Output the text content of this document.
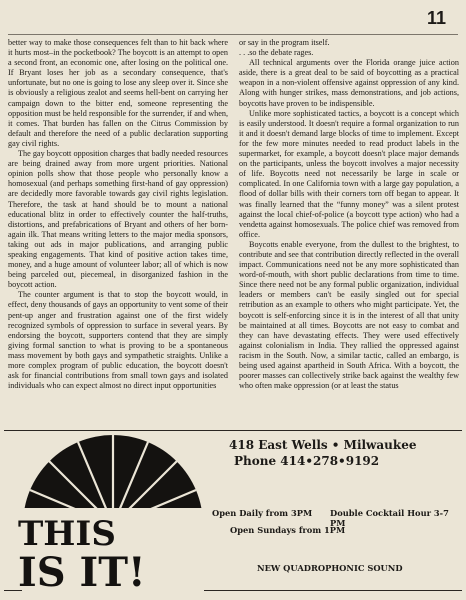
11

better way to make those consequences felt than to hit back where it hurts most–in the pocketbook? The boycott is an attempt to open a second front, an economic one, after losing on the political one. If Bryant loses her job as a secondary consequence, that's unfortunate, but no one is going to lose any sleep over it. Since she is obviously a religious zealot and seems hell-bent on carrying her campaign down to the bitter end, someone representing the opposition must be held responsible for the surrender, if and when, it comes. That burden has fallen on the Citrus Commission by default and therefore the need of a public declaration supporting gay civil rights.

The gay boycott opposition charges that badly needed resources are being drained away from more urgent priorities. National opinion polls show that those people who personally know a homosexual (and perhaps something first-hand of gay oppression) are decidedly more favorable towards gay civil rights legislation. Therefore, the task at hand should be to mount a national educational blitz in order to effectively counter the half-truths, distortions, and prefabrications of Bryant and others of her born-again ilk. That means writing letters to the major media sponsors, taking out ads in major publications, and arranging public speaking engagements. That kind of positive action takes time, money, and a huge amount of volunteer labor; all of which is now being parceled out, piecemeal, in disorganized fashion in the boycott action.

The counter argument is that to stop the boycott would, in effect, deny thousands of gays an opportunity to vent some of their pent-up anger and frustration against one of the first widely recognized symbols of oppression to surface in several years. By endorsing the boycott, supporters contend that they are simply giving formal sanction to what is proving to be a spontaneous mass movement by both gays and sympathetic straights. Unlike a more complex program of public education, the boycott doesn't ask for financial contributions from small town gays and isolated individuals who can expect almost no direct input opportunities

or say in the program itself.

. . .so the debate rages.

All technical arguments over the Florida orange juice action aside, there is a great deal to be said of boycotting as a practical weapon in a non-violent offensive against oppression of any kind. Along with hunger strikes, mass demonstrations, and job actions, boycotts have proven to be indispensible.

Unlike more sophisticated tactics, a boycott is a concept which is easily understood. It doesn't require a formal organization to run it and it doesn't demand large blocks of time to implement. Except for the few more minutes needed to read product labels in the supermarket, for example, a boycott doesn't place major demands on the participants, unless the boycott involves a major necessity of life. Boycotts need not necessarily be large in scale or complicated. In one California town with a large gay population, a flood of dollar bills with their corners torn off began to appear. It was finally learned that the “funny money” was a silent protest against the local chief-of-police (a boycott type action) who had a vendetta against homosexuals. The police chief was removed from office.

Boycotts enable everyone, from the dullest to the brightest, to contribute and see that contribution directly reflected in the overall impact. Communications need not be any more sophisticated than word-of-mouth, with short public declarations from time to time. Since there need not be any formal public organization, individual leaders or members can't be easily singled out for special retribution as an example to others who might participate. Yet, the boycott is self-enforcing since it is in the interest of all that unity be maintained at all times. Boycotts are not easy to combat and they can have devastating effects. They were used effectively against colonialism in India. They rallied the oppressed against racism in the South. Now, a similar tactic, called an embargo, is being used against apartheid in South Africa. With a boycott, the poorer masses can collectively strike back against the wealthy few who often make oppression (or at least the status

THIS
IS IT!
418 East Wells • Milwaukee
Phone 414•278•9192
Open Daily from 3PM Double Cocktail Hour 3-7 PM
Open Sundays from 1PM
NEW QUADROPHONIC SOUND
